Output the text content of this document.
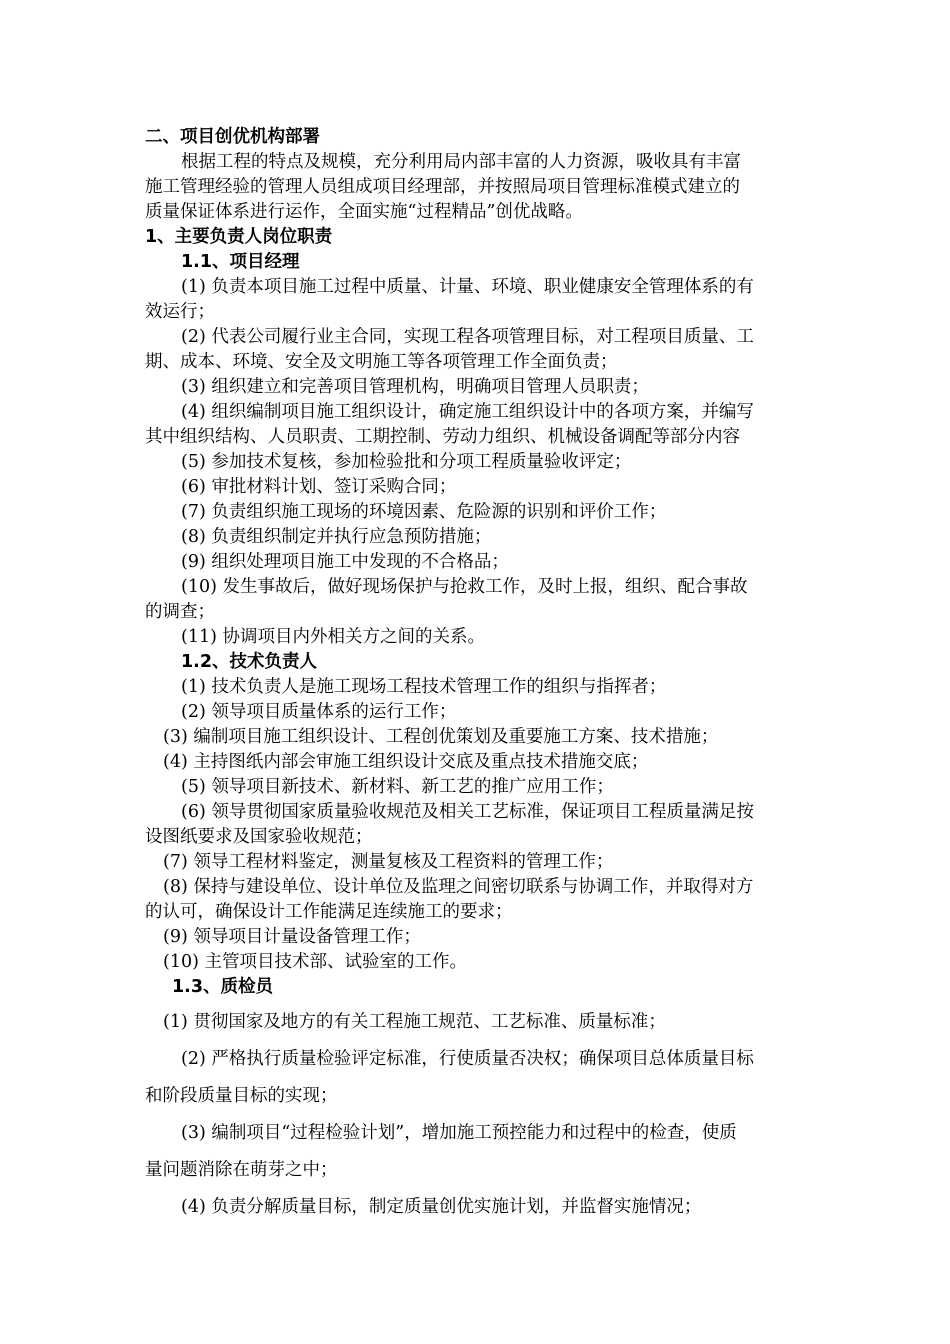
二、项目创优机构部署
根据工程的特点及规模，充分利用局内部丰富的人力资源，吸收具有丰富
施工管理经验的管理人员组成项目经理部，并按照局项目管理标准模式建立的
质量保证体系进行运作，全面实施“过程精品”创优战略。
1、主要负责人岗位职责
1.1、项目经理
(1) 负责本项目施工过程中质量、计量、环境、职业健康安全管理体系的有
效运行；
(2) 代表公司履行业主合同，实现工程各项管理目标，对工程项目质量、工
期、成本、环境、安全及文明施工等各项管理工作全面负责；
(3) 组织建立和完善项目管理机构，明确项目管理人员职责；
(4) 组织编制项目施工组织设计，确定施工组织设计中的各项方案，并编写
其中组织结构、人员职责、工期控制、劳动力组织、机械设备调配等部分内容
(5) 参加技术复核，参加检验批和分项工程质量验收评定；
(6) 审批材料计划、签订采购合同；
(7) 负责组织施工现场的环境因素、危险源的识别和评价工作；
(8) 负责组织制定并执行应急预防措施；
(9) 组织处理项目施工中发现的不合格品；
(10) 发生事故后，做好现场保护与抢救工作，及时上报，组织、配合事故
的调查；
(11) 协调项目内外相关方之间的关系。
1.2、技术负责人
(1) 技术负责人是施工现场工程技术管理工作的组织与指挥者；
(2) 领导项目质量体系的运行工作；
(3) 编制项目施工组织设计、工程创优策划及重要施工方案、技术措施；
(4) 主持图纸内部会审施工组织设计交底及重点技术措施交底；
(5) 领导项目新技术、新材料、新工艺的推广应用工作；
(6) 领导贯彻国家质量验收规范及相关工艺标准，保证项目工程质量满足按
设图纸要求及国家验收规范；
(7) 领导工程材料鉴定，测量复核及工程资料的管理工作；
(8) 保持与建设单位、设计单位及监理之间密切联系与协调工作，并取得对方
的认可，确保设计工作能满足连续施工的要求；
(9) 领导项目计量设备管理工作；
(10) 主管项目技术部、试验室的工作。
1.3、质检员
(1) 贯彻国家及地方的有关工程施工规范、工艺标准、质量标准；
(2) 严格执行质量检验评定标准，行使质量否决权；确保项目总体质量目标
和阶段质量目标的实现；
(3) 编制项目“过程检验计划”，增加施工预控能力和过程中的检查，使质
量问题消除在萌芽之中；
(4) 负责分解质量目标，制定质量创优实施计划，并监督实施情况；
